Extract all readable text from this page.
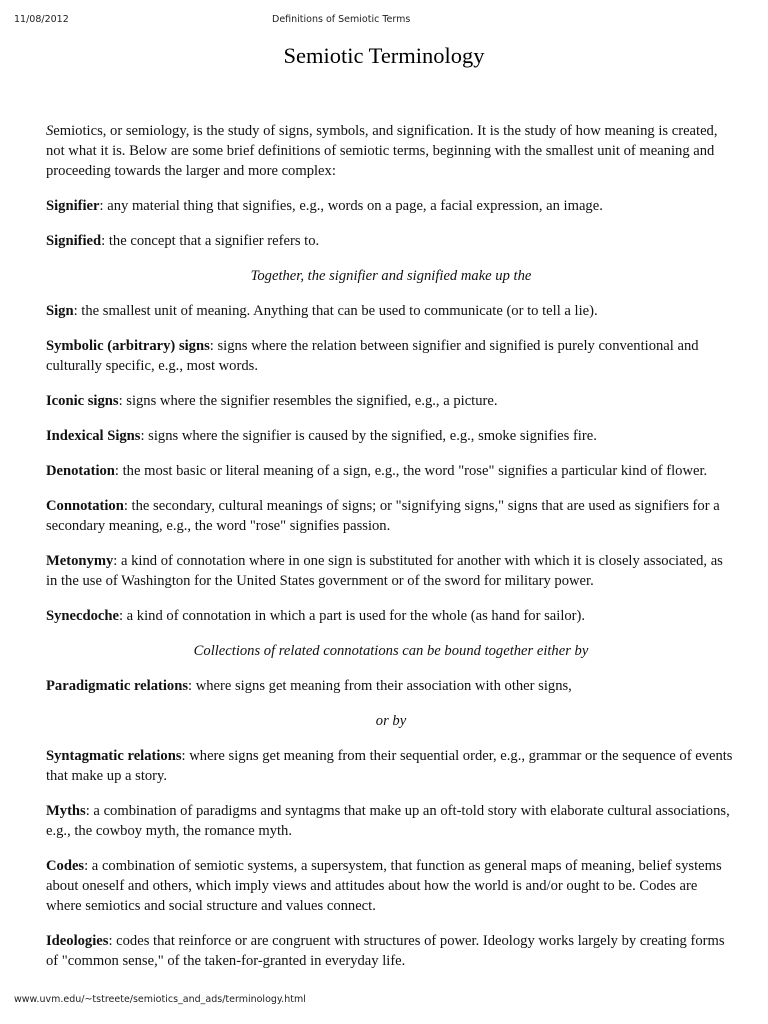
11/08/2012	Definitions of Semiotic Terms
Semiotic Terminology

Semiotics, or semiology, is the study of signs, symbols, and signification. It is the study of how meaning is created, not what it is. Below are some brief definitions of semiotic terms, beginning with the smallest unit of meaning and proceeding towards the larger and more complex:

Signifier: any material thing that signifies, e.g., words on a page, a facial expression, an image.

Signified: the concept that a signifier refers to.

Together, the signifier and signified make up the

Sign: the smallest unit of meaning. Anything that can be used to communicate (or to tell a lie).

Symbolic (arbitrary) signs: signs where the relation between signifier and signified is purely conventional and culturally specific, e.g., most words.

Iconic signs: signs where the signifier resembles the signified, e.g., a picture.

Indexical Signs: signs where the signifier is caused by the signified, e.g., smoke signifies fire.

Denotation: the most basic or literal meaning of a sign, e.g., the word "rose" signifies a particular kind of flower.

Connotation: the secondary, cultural meanings of signs; or "signifying signs," signs that are used as signifiers for a secondary meaning, e.g., the word "rose" signifies passion.

Metonymy: a kind of connotation where in one sign is substituted for another with which it is closely associated, as in the use of Washington for the United States government or of the sword for military power.

Synecdoche: a kind of connotation in which a part is used for the whole (as hand for sailor).

Collections of related connotations can be bound together either by

Paradigmatic relations: where signs get meaning from their association with other signs,

or by

Syntagmatic relations: where signs get meaning from their sequential order, e.g., grammar or the sequence of events that make up a story.

Myths: a combination of paradigms and syntagms that make up an oft-told story with elaborate cultural associations, e.g., the cowboy myth, the romance myth.

Codes: a combination of semiotic systems, a supersystem, that function as general maps of meaning, belief systems about oneself and others, which imply views and attitudes about how the world is and/or ought to be. Codes are where semiotics and social structure and values connect.

Ideologies: codes that reinforce or are congruent with structures of power. Ideology works largely by creating forms of "common sense," of the taken-for-granted in everyday life.

www.uvm.edu/~tstreete/semiotics_and_ads/terminology.html
